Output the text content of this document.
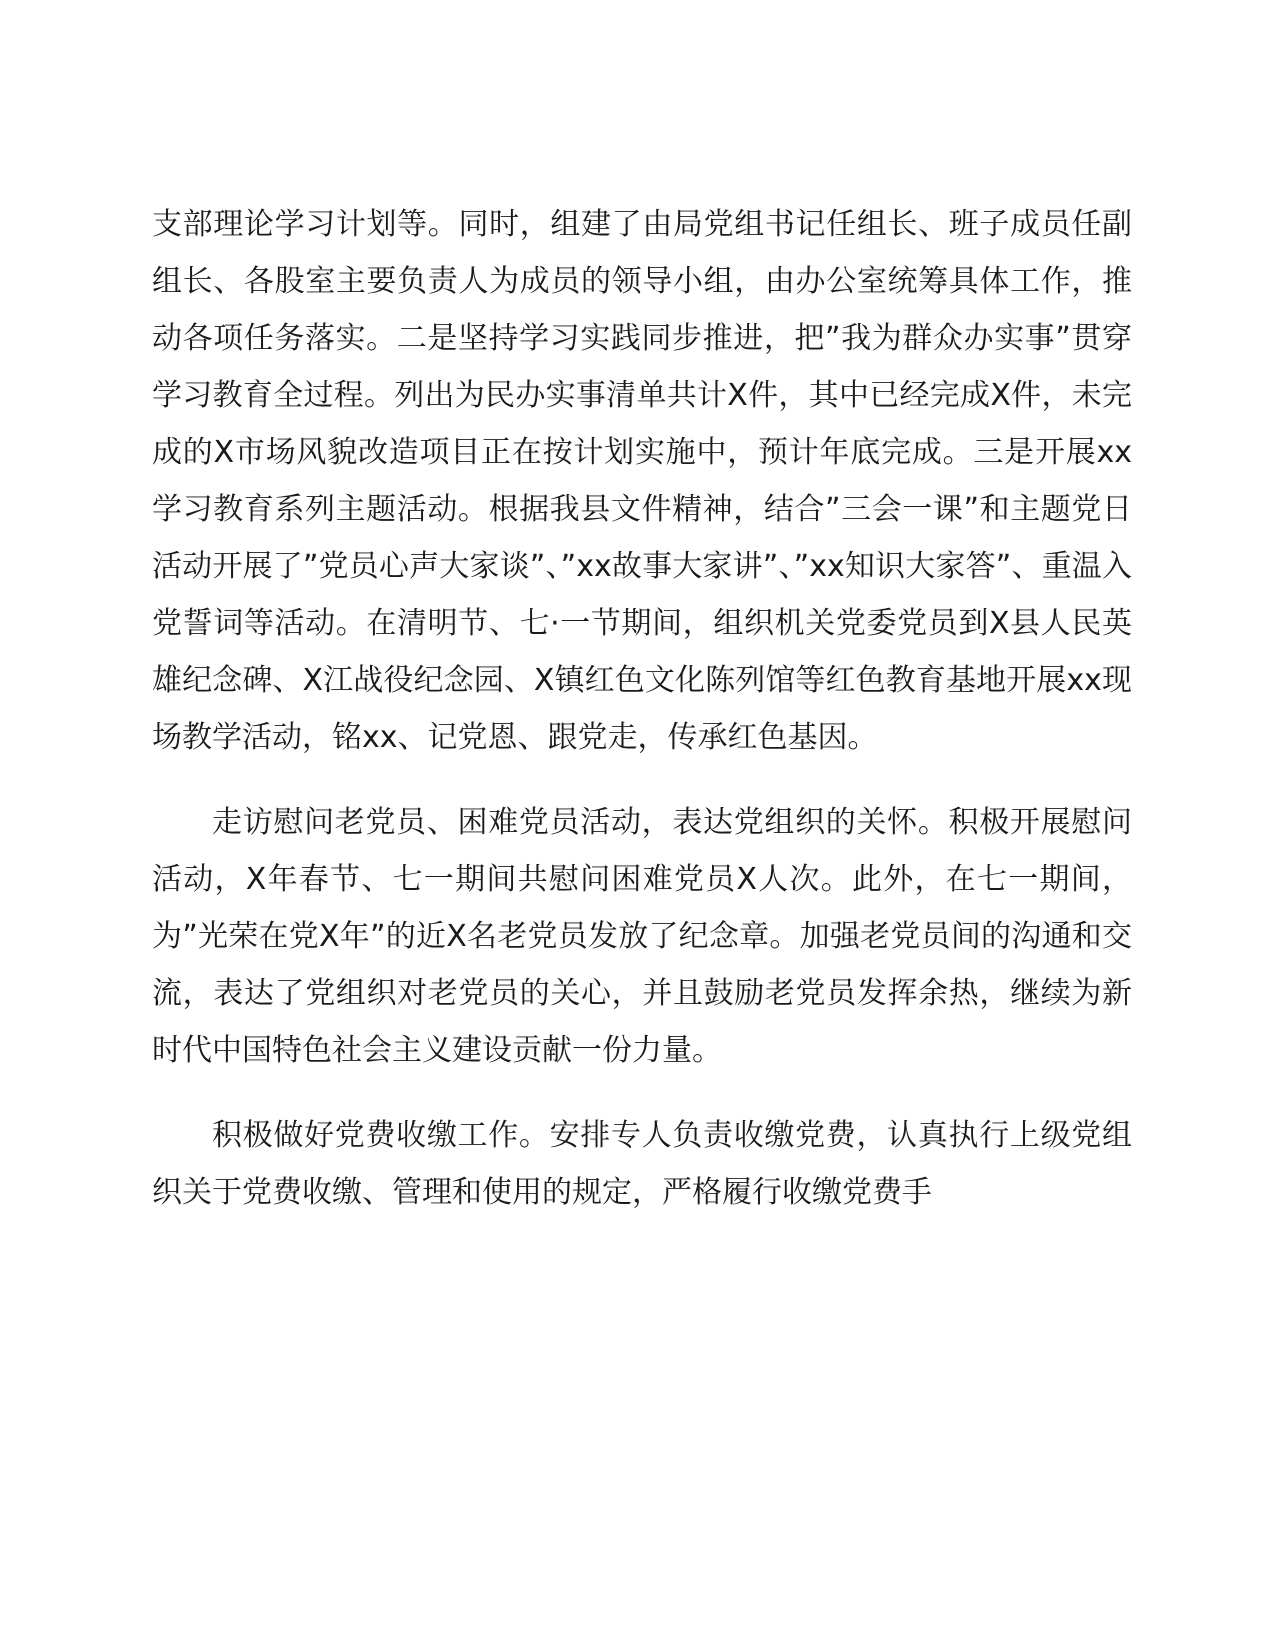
支部理论学习计划等。同时，组建了由局党组书记任组长、班子成员任副组长、各股室主要负责人为成员的领导小组，由办公室统筹具体工作，推动各项任务落实。二是坚持学习实践同步推进，把”我为群众办实事”贯穿学习教育全过程。列出为民办实事清单共计X件，其中已经完成X件，未完成的X市场风貌改造项目正在按计划实施中，预计年底完成。三是开展xx学习教育系列主题活动。根据我县文件精神，结合”三会一课”和主题党日活动开展了”党员心声大家谈”、”xx故事大家讲”、”xx知识大家答”、重温入党誓词等活动。在清明节、七·一节期间，组织机关党委党员到X县人民英雄纪念碑、X江战役纪念园、X镇红色文化陈列馆等红色教育基地开展xx现场教学活动，铭xx、记党恩、跟党走，传承红色基因。

走访慰问老党员、困难党员活动，表达党组织的关怀。积极开展慰问活动，X年春节、七一期间共慰问困难党员X人次。此外，在七一期间，为”光荣在党X年”的近X名老党员发放了纪念章。加强老党员间的沟通和交流，表达了党组织对老党员的关心，并且鼓励老党员发挥余热，继续为新时代中国特色社会主义建设贡献一份力量。

积极做好党费收缴工作。安排专人负责收缴党费，认真执行上级党组织关于党费收缴、管理和使用的规定，严格履行收缴党费手
